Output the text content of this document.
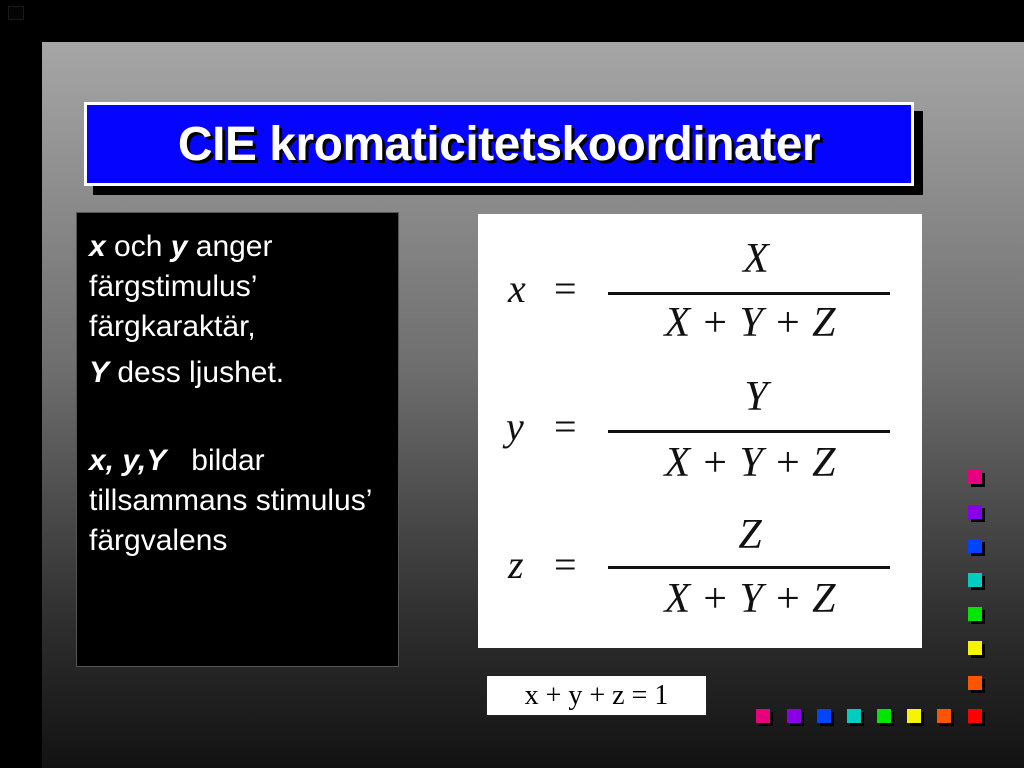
CIE kromaticitetskoordinater

x och y anger färgstimulus’ färgkaraktär,

Y dess ljushet.

x, y,Y   bildar tillsammans stimulus’ färgvalens

x =
X
X + Y + Z
y =
Y
X + Y + Z
z =
Z
X + Y + Z
x + y + z = 1
